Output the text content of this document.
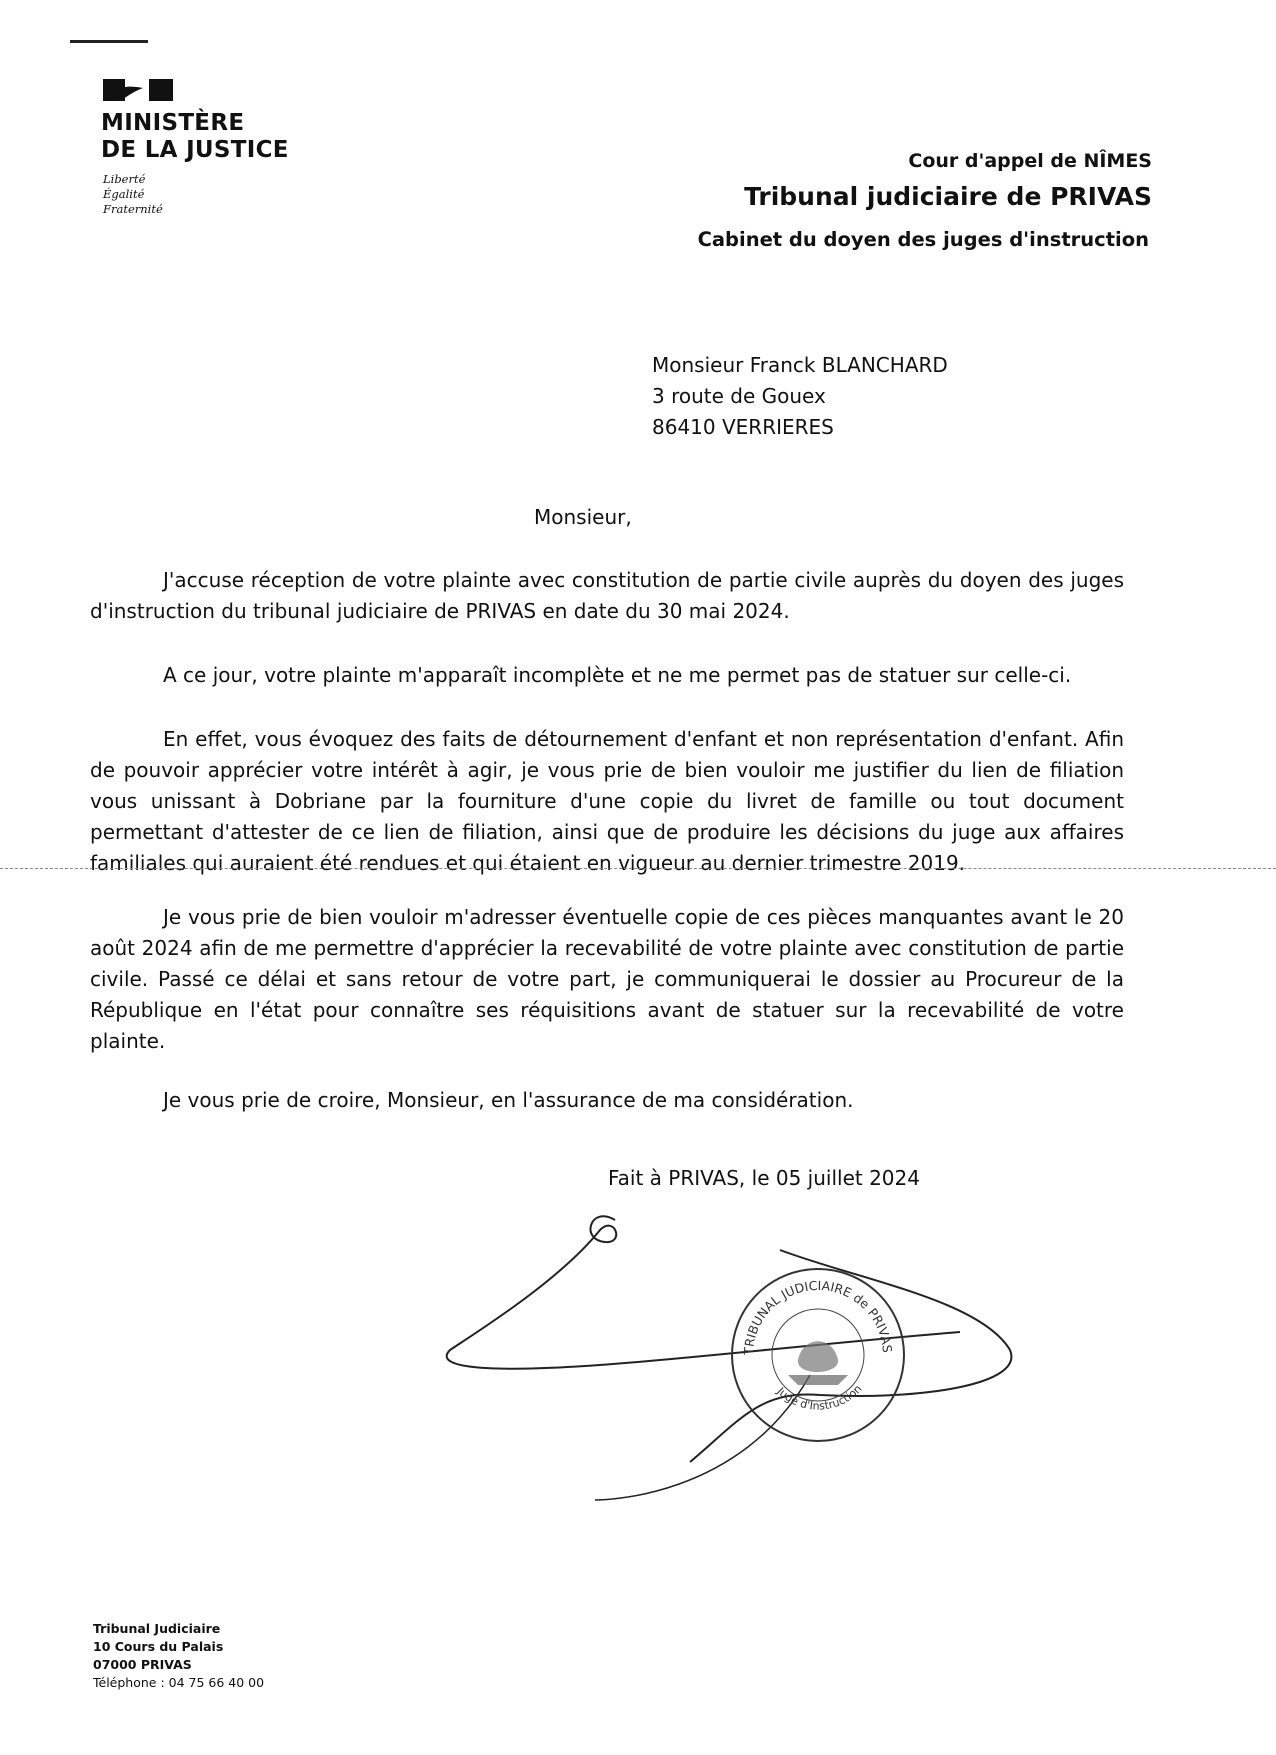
MINISTÈRE
DE LA JUSTICE
Liberté
Égalité
Fraternité
Cour d'appel de NÎMES
Tribunal judiciaire de PRIVAS
Cabinet du doyen des juges d'instruction
Monsieur Franck BLANCHARD
3 route de Gouex
86410 VERRIERES
Monsieur,

J'accuse réception de votre plainte avec constitution de partie civile auprès du doyen des juges d'instruction du tribunal judiciaire de PRIVAS en date du 30 mai 2024.

A ce jour, votre plainte m'apparaît incomplète et ne me permet pas de statuer sur celle-ci.

En effet, vous évoquez des faits de détournement d'enfant et non représentation d'enfant. Afin de pouvoir apprécier votre intérêt à agir, je vous prie de bien vouloir me justifier du lien de filiation vous unissant à Dobriane par la fourniture d'une copie du livret de famille ou tout document permettant d'attester de ce lien de filiation, ainsi que de produire les décisions du juge aux affaires familiales qui auraient été rendues et qui étaient en vigueur au dernier trimestre 2019.

Je vous prie de bien vouloir m'adresser éventuelle copie de ces pièces manquantes avant le 20 août 2024 afin de me permettre d'apprécier la recevabilité de votre plainte avec constitution de partie civile. Passé ce délai et sans retour de votre part, je communiquerai le dossier au Procureur de la République en l'état pour connaître ses réquisitions avant de statuer sur la recevabilité de votre plainte.

Je vous prie de croire, Monsieur, en l'assurance de ma considération.

Fait à PRIVAS, le 05 juillet 2024
TRIBUNAL JUDICIAIRE de PRIVAS
Juge d'Instruction
Tribunal Judiciaire
10 Cours du Palais
07000 PRIVAS
Téléphone : 04 75 66 40 00
